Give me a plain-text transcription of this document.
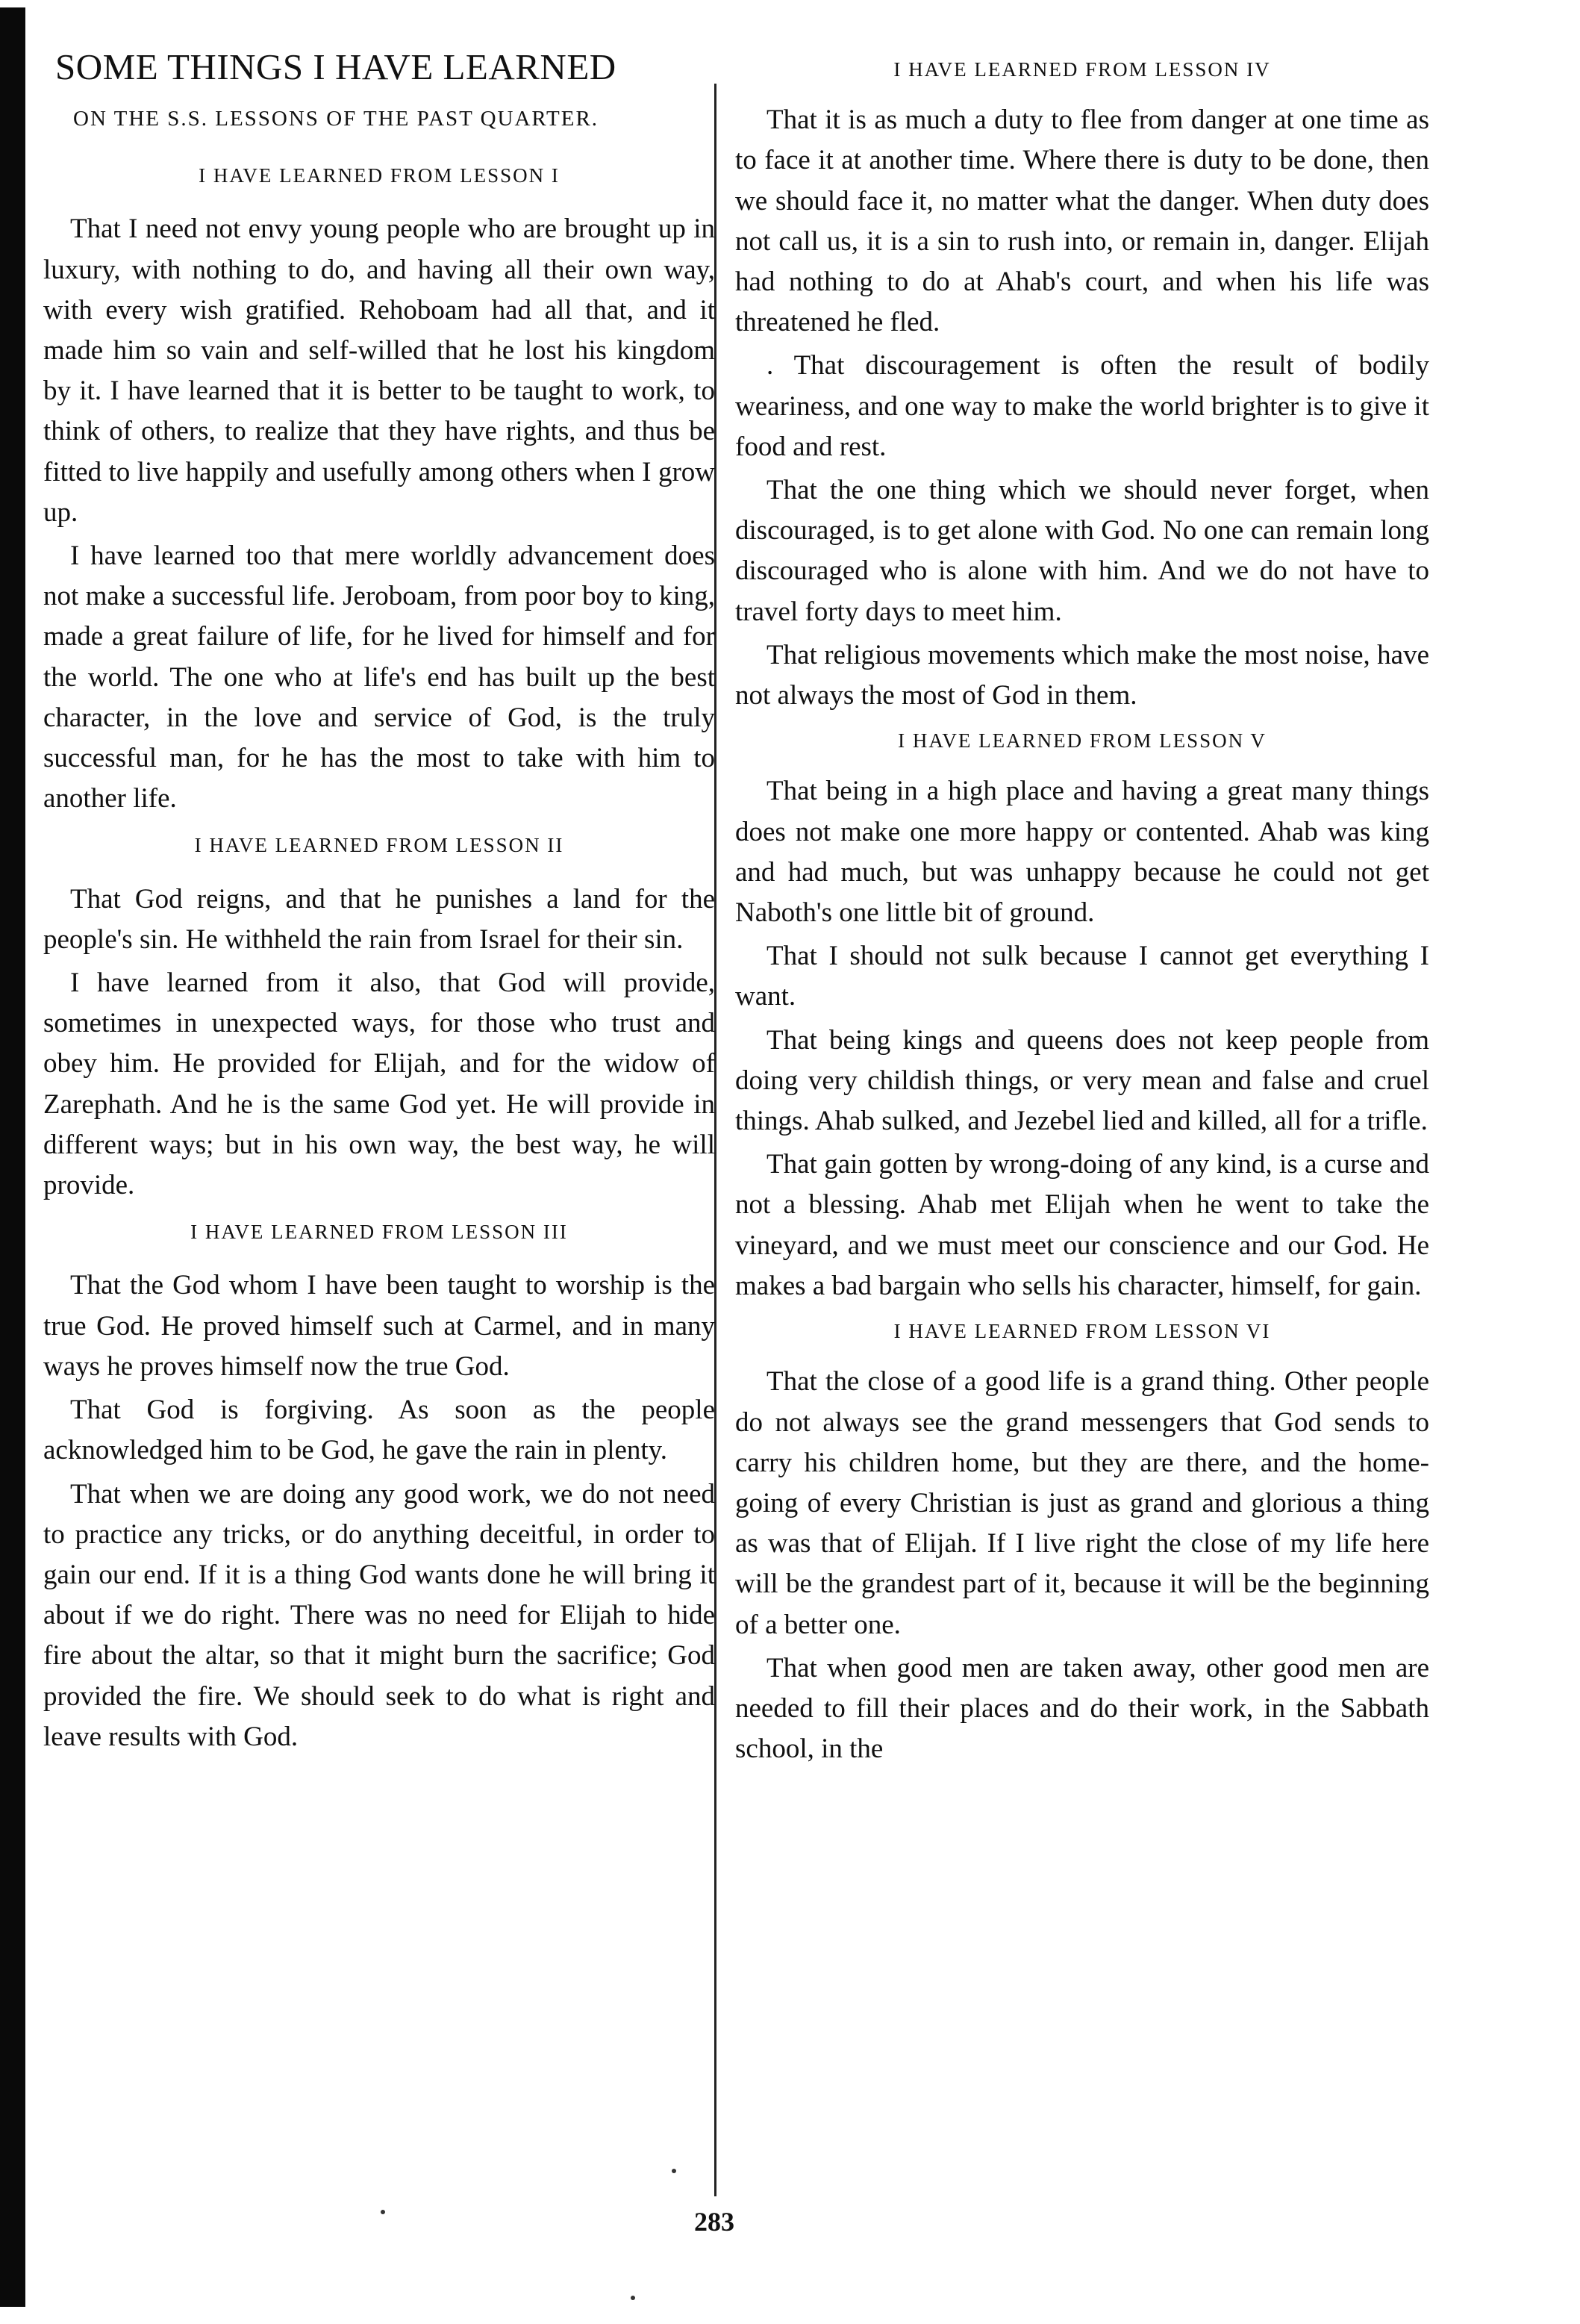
SOME THINGS I HAVE LEARNED
ON THE S.S. LESSONS OF THE PAST QUARTER.
I HAVE LEARNED FROM LESSON I

That I need not envy young people who are brought up in luxury, with nothing to do, and having all their own way, with every wish gratified. Rehoboam had all that, and it made him so vain and self-willed that he lost his kingdom by it. I have learned that it is better to be taught to work, to think of others, to realize that they have rights, and thus be fitted to live happily and usefully among others when I grow up.

I have learned too that mere worldly advancement does not make a successful life. Jeroboam, from poor boy to king, made a great failure of life, for he lived for himself and for the world. The one who at life's end has built up the best character, in the love and service of God, is the truly successful man, for he has the most to take with him to another life.

I HAVE LEARNED FROM LESSON II

That God reigns, and that he punishes a land for the people's sin. He withheld the rain from Israel for their sin.

I have learned from it also, that God will provide, sometimes in unexpected ways, for those who trust and obey him. He provided for Elijah, and for the widow of Zarephath. And he is the same God yet. He will provide in different ways; but in his own way, the best way, he will provide.

I HAVE LEARNED FROM LESSON III

That the God whom I have been taught to worship is the true God. He proved himself such at Carmel, and in many ways he proves himself now the true God.

That God is forgiving. As soon as the people acknowledged him to be God, he gave the rain in plenty.

That when we are doing any good work, we do not need to practice any tricks, or do anything deceitful, in order to gain our end. If it is a thing God wants done he will bring it about if we do right. There was no need for Elijah to hide fire about the altar, so that it might burn the sacrifice; God provided the fire. We should seek to do what is right and leave results with God.

I HAVE LEARNED FROM LESSON IV

That it is as much a duty to flee from danger at one time as to face it at another time. Where there is duty to be done, then we should face it, no matter what the danger. When duty does not call us, it is a sin to rush into, or remain in, danger. Elijah had nothing to do at Ahab's court, and when his life was threatened he fled.

. That discouragement is often the result of bodily weariness, and one way to make the world brighter is to give it food and rest.

That the one thing which we should never forget, when discouraged, is to get alone with God. No one can remain long discouraged who is alone with him. And we do not have to travel forty days to meet him.

That religious movements which make the most noise, have not always the most of God in them.

I HAVE LEARNED FROM LESSON V

That being in a high place and having a great many things does not make one more happy or contented. Ahab was king and had much, but was unhappy because he could not get Naboth's one little bit of ground.

That I should not sulk because I cannot get everything I want.

That being kings and queens does not keep people from doing very childish things, or very mean and false and cruel things. Ahab sulked, and Jezebel lied and killed, all for a trifle.

That gain gotten by wrong-doing of any kind, is a curse and not a blessing. Ahab met Elijah when he went to take the vineyard, and we must meet our conscience and our God. He makes a bad bargain who sells his character, himself, for gain.

I HAVE LEARNED FROM LESSON VI

That the close of a good life is a grand thing. Other people do not always see the grand messengers that God sends to carry his children home, but they are there, and the home-going of every Christian is just as grand and glorious a thing as was that of Elijah. If I live right the close of my life here will be the grandest part of it, because it will be the beginning of a better one.

That when good men are taken away, other good men are needed to fill their places and do their work, in the Sabbath school, in the

283
